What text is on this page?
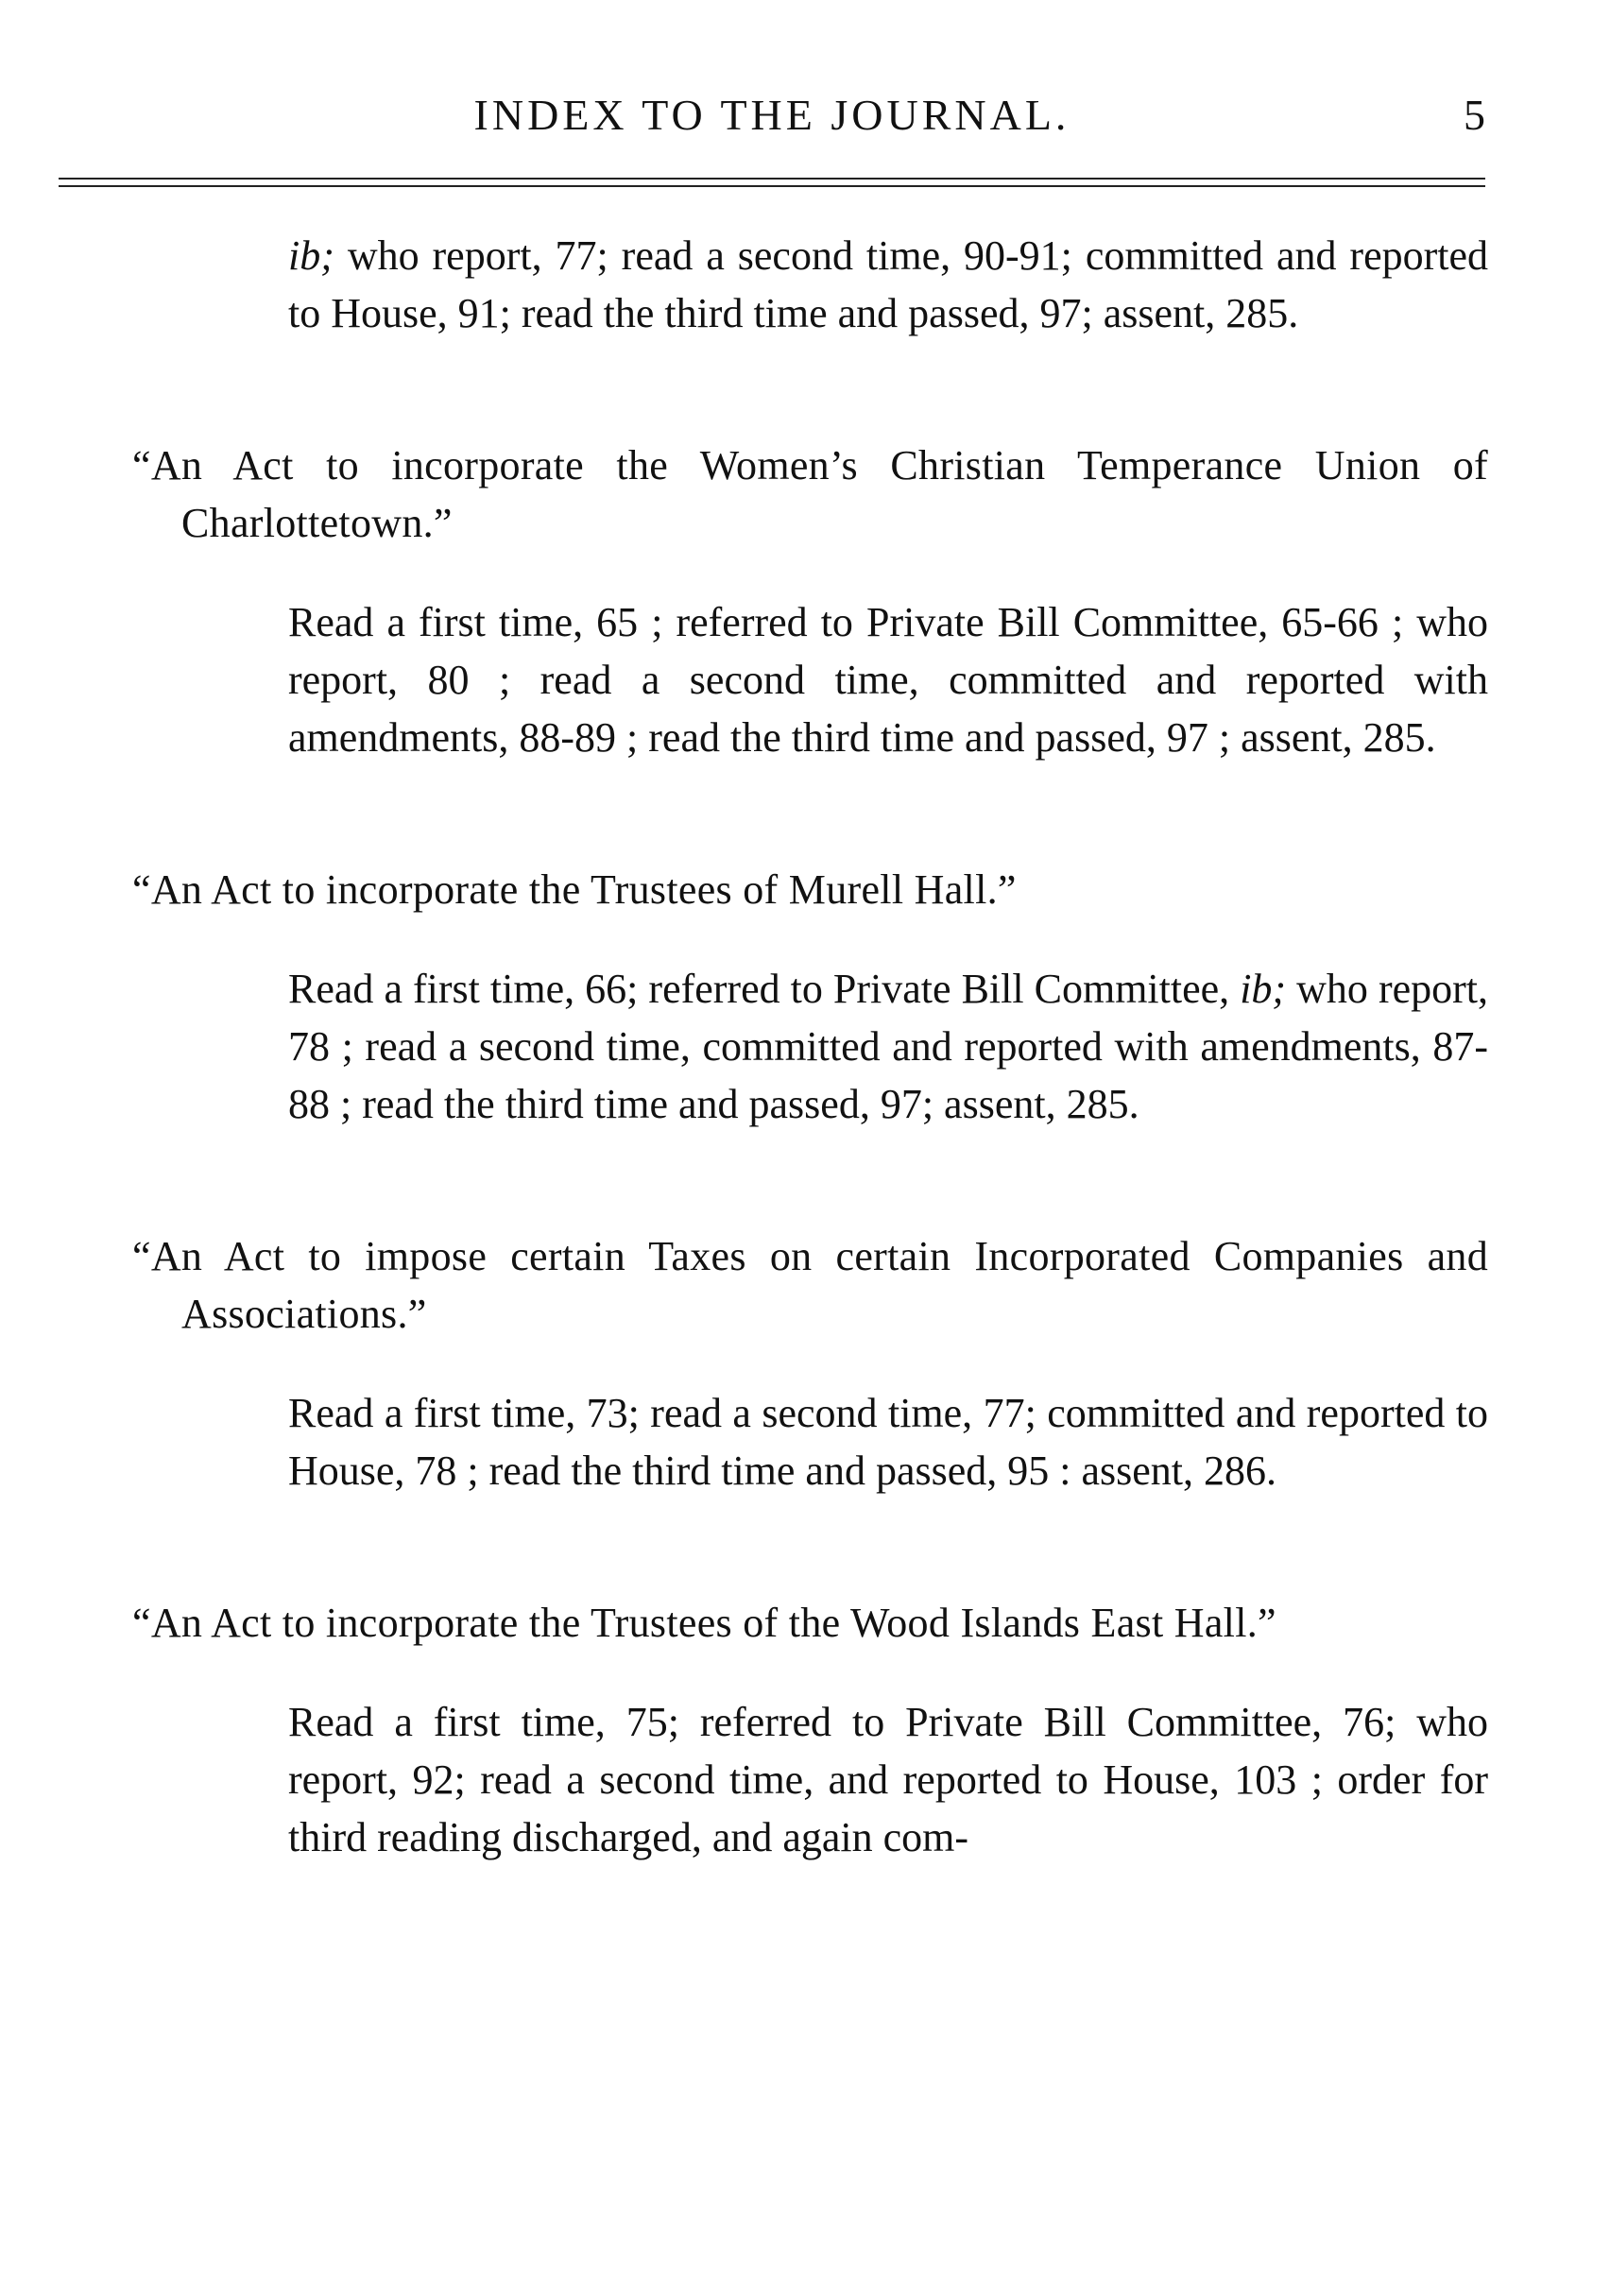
INDEX TO THE JOURNAL.	5

ib; who report, 77; read a second time, 90-91; committed and reported to House, 91; read the third time and passed, 97; assent, 285.

“An Act to incorporate the Women’s Christian Temperance Union of Charlottetown.”

Read a first time, 65 ; referred to Private Bill Committee, 65-66 ; who report, 80 ; read a second time, committed and reported with amendments, 88-89 ; read the third time and passed, 97 ; assent, 285.

“An Act to incorporate the Trustees of Murell Hall.”

Read a first time, 66; referred to Private Bill Committee, ib; who report, 78 ; read a second time, committed and reported with amendments, 87-88 ; read the third time and passed, 97; assent, 285.

“An Act to impose certain Taxes on certain Incorporated Companies and Associations.”

Read a first time, 73; read a second time, 77; committed and reported to House, 78 ; read the third time and passed, 95 : assent, 286.

“An Act to incorporate the Trustees of the Wood Islands East Hall.”

Read a first time, 75; referred to Private Bill Committee, 76; who report, 92; read a second time, and reported to House, 103 ; order for third reading discharged, and again com-
